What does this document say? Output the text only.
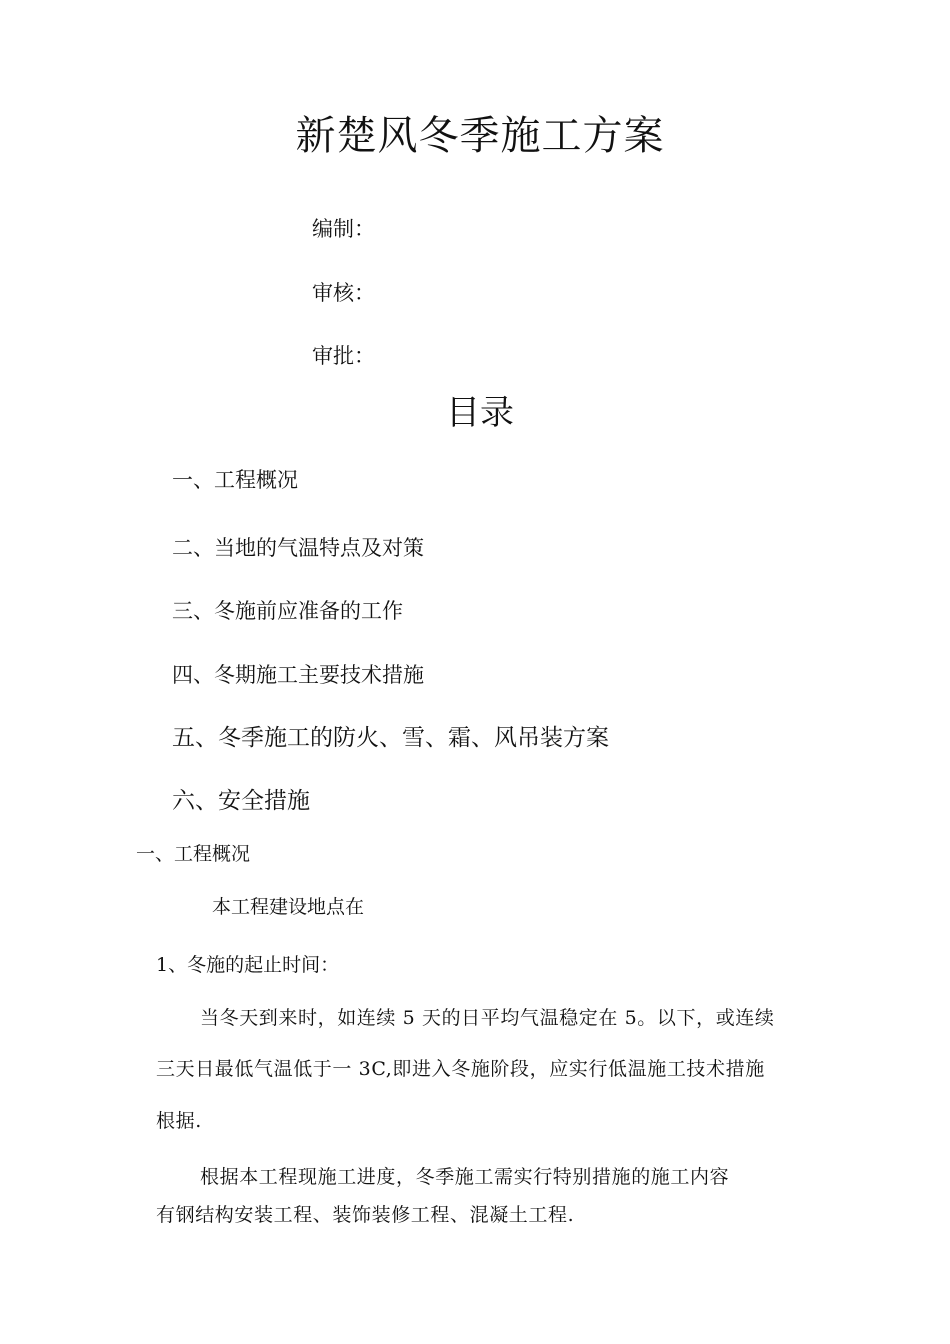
新楚风冬季施工方案
编制：
审核：
审批：
目录
一、工程概况
二、当地的气温特点及对策
三、冬施前应准备的工作
四、冬期施工主要技术措施
五、冬季施工的防火、雪、霜、风吊装方案
六、安全措施
一、工程概况
本工程建设地点在
1、冬施的起止时间：
当冬天到来时，如连续 5 天的日平均气温稳定在 5。以下，或连续
三天日最低气温低于一 3C,即进入冬施阶段，应实行低温施工技术措施
根据.
根据本工程现施工进度，冬季施工需实行特别措施的施工内容
有钢结构安装工程、装饰装修工程、混凝土工程.
